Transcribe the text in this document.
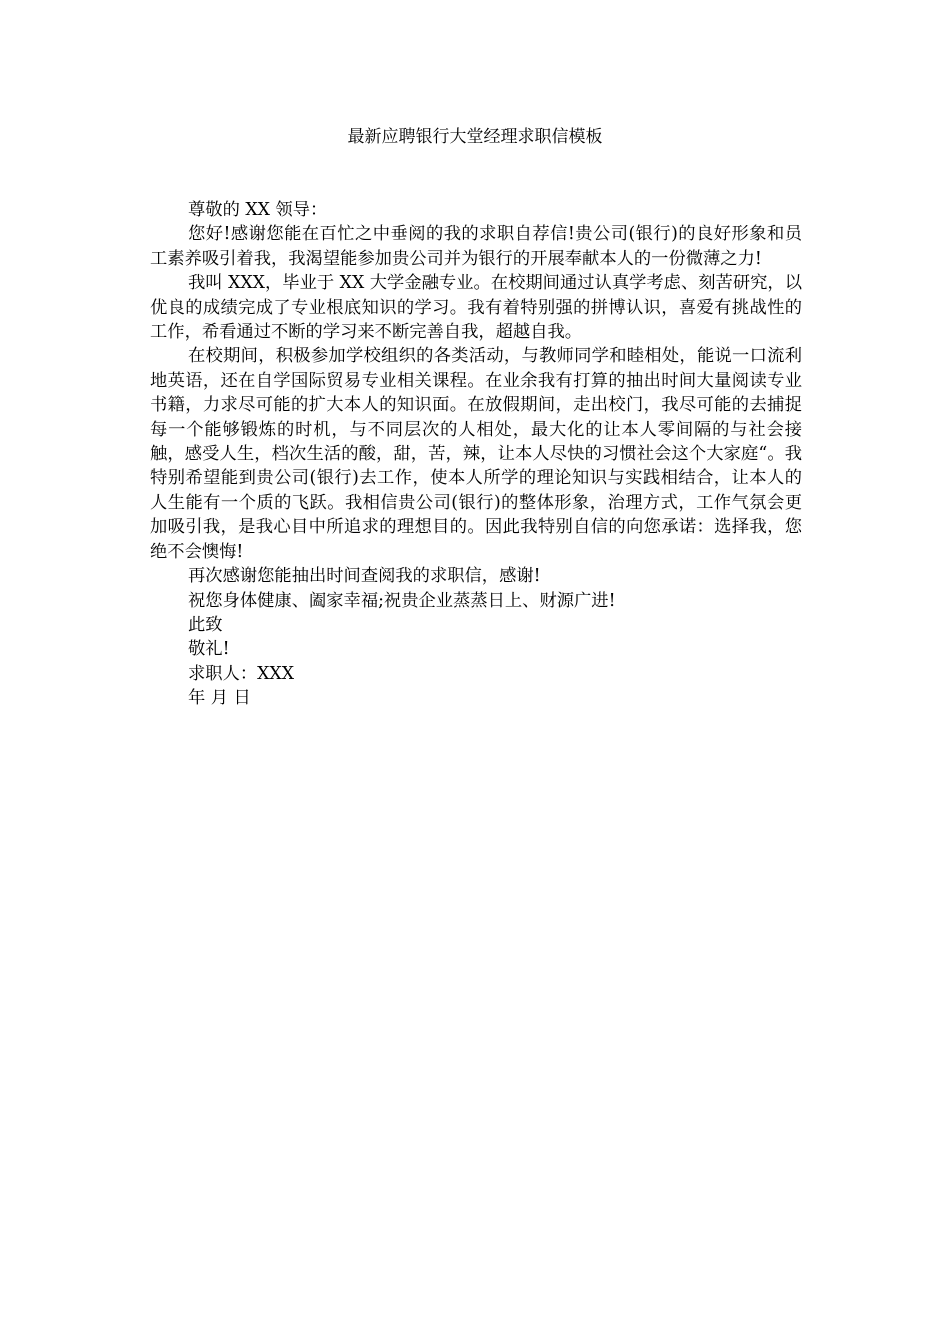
最新应聘银行大堂经理求职信模板

尊敬的 XX 领导：

您好!感谢您能在百忙之中垂阅的我的求职自荐信!贵公司(银行)的良好形象和员工素养吸引着我，我渴望能参加贵公司并为银行的开展奉献本人的一份微薄之力!

我叫 XXX，毕业于 XX 大学金融专业。在校期间通过认真学考虑、刻苦研究，以优良的成绩完成了专业根底知识的学习。我有着特别强的拼博认识，喜爱有挑战性的工作，希看通过不断的学习来不断完善自我，超越自我。

在校期间，积极参加学校组织的各类活动，与教师同学和睦相处，能说一口流利地英语，还在自学国际贸易专业相关课程。在业余我有打算的抽出时间大量阅读专业书籍，力求尽可能的扩大本人的知识面。在放假期间，走出校门，我尽可能的去捕捉每一个能够锻炼的时机，与不同层次的人相处，最大化的让本人零间隔的与社会接触，感受人生，档次生活的酸，甜，苦，辣，让本人尽快的习惯社会这个大家庭“。我特别希望能到贵公司(银行)去工作，使本人所学的理论知识与实践相结合，让本人的人生能有一个质的飞跃。我相信贵公司(银行)的整体形象，治理方式，工作气氛会更加吸引我，是我心目中所追求的理想目的。因此我特别自信的向您承诺：选择我，您绝不会懊悔!

再次感谢您能抽出时间查阅我的求职信，感谢!

祝您身体健康、阖家幸福;祝贵企业蒸蒸日上、财源广进!

此致

敬礼!

求职人：XXX

年 月 日
